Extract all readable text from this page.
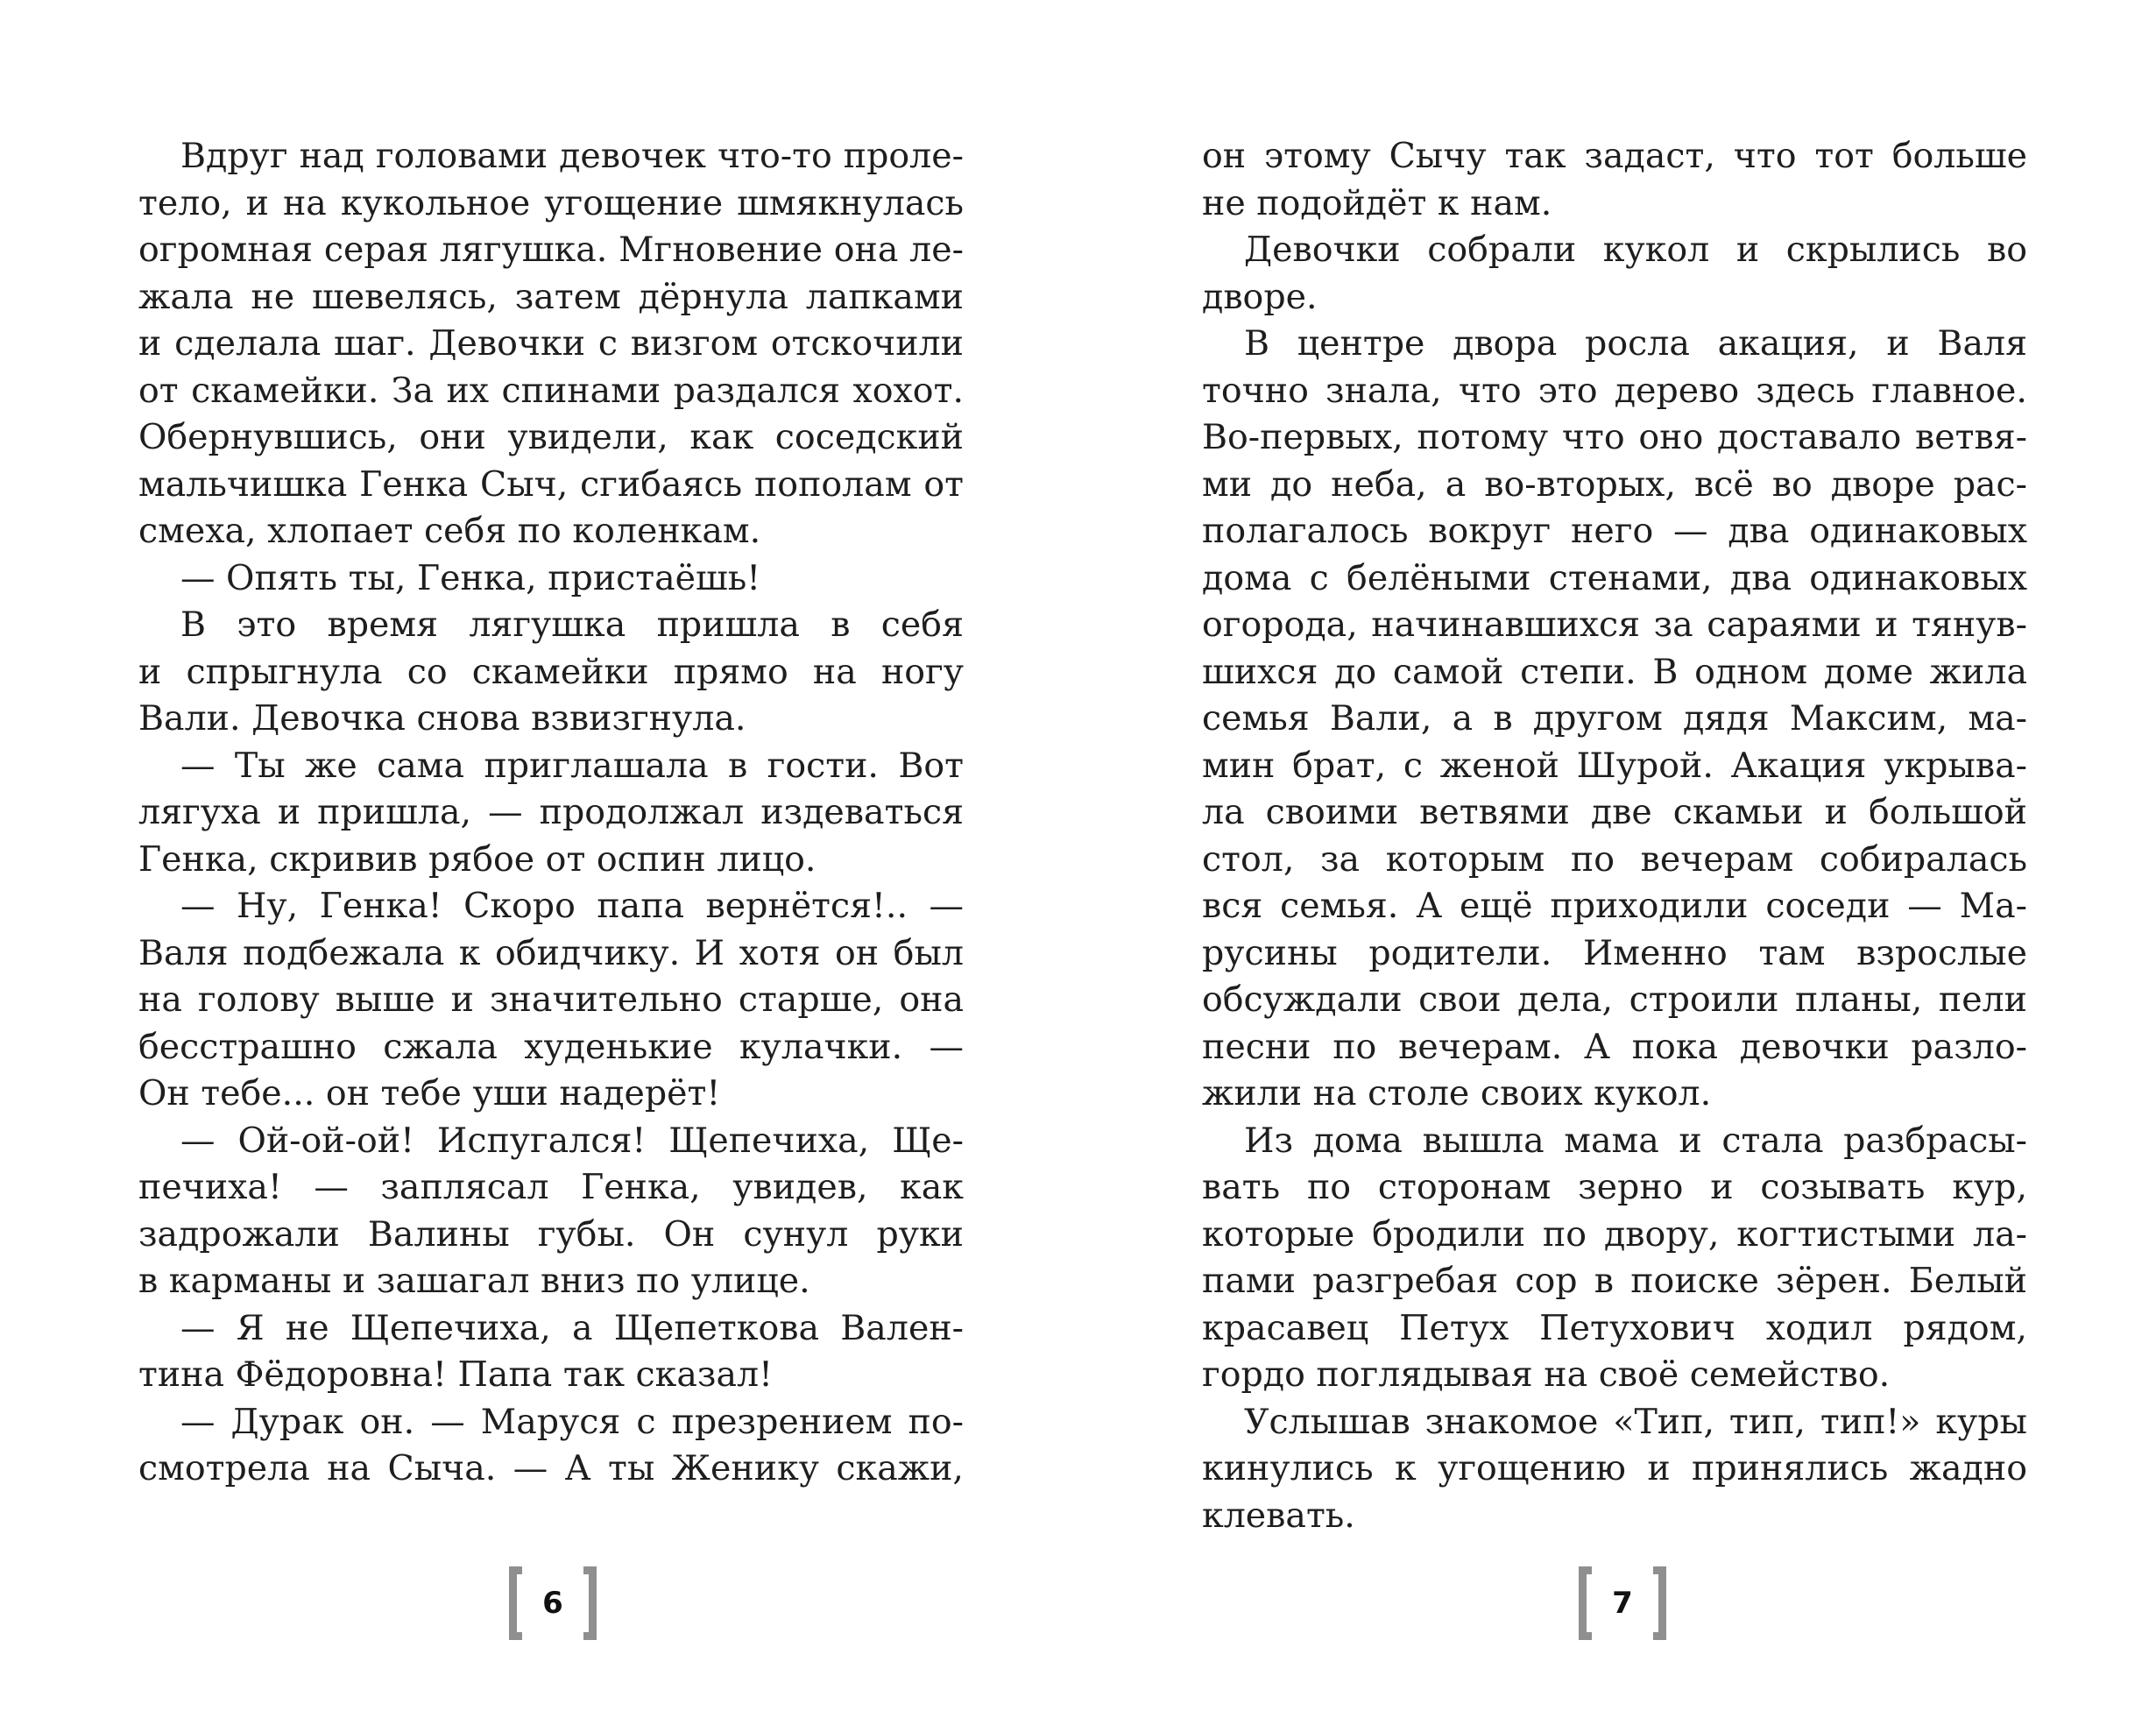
Вдруг над головами девочек что-то проле-
тело, и на кукольное угощение шмякнулась
огромная серая лягушка. Мгновение она ле-
жала не шевелясь, затем дёрнула лапками
и сделала шаг. Девочки с визгом отскочили
от скамейки. За их спинами раздался хохот.
Обернувшись, они увидели, как соседский
мальчишка Генка Сыч, сгибаясь пополам от
смеха, хлопает себя по коленкам.
— Опять ты, Генка, пристаёшь!
В это время лягушка пришла в себя
и спрыгнула со скамейки прямо на ногу
Вали. Девочка снова взвизгнула.
— Ты же сама приглашала в гости. Вот
лягуха и пришла, — продолжал издеваться
Генка, скривив рябое от оспин лицо.
— Ну, Генка! Скоро папа вернётся!.. —
Валя подбежала к обидчику. И хотя он был
на голову выше и значительно старше, она
бесстрашно сжала худенькие кулачки. —
Он тебе... он тебе уши надерёт!
— Ой-ой-ой! Испугался! Щепечиха, Ще-
печиха! — заплясал Генка, увидев, как
задрожали Валины губы. Он сунул руки
в карманы и зашагал вниз по улице.
— Я не Щепечиха, а Щепеткова Вален-
тина Фёдоровна! Папа так сказал!
— Дурак он. — Маруся с презрением по-
смотрела на Сыча. — А ты Женику скажи,
он этому Сычу так задаст, что тот больше
не подойдёт к нам.
Девочки собрали кукол и скрылись во
дворе.
В центре двора росла акация, и Валя
точно знала, что это дерево здесь главное.
Во-первых, потому что оно доставало ветвя-
ми до неба, а во-вторых, всё во дворе рас-
полагалось вокруг него — два одинаковых
дома с белёными стенами, два одинаковых
огорода, начинавшихся за сараями и тянув-
шихся до самой степи. В одном доме жила
семья Вали, а в другом дядя Максим, ма-
мин брат, с женой Шурой. Акация укрыва-
ла своими ветвями две скамьи и большой
стол, за которым по вечерам собиралась
вся семья. А ещё приходили соседи — Ма-
русины родители. Именно там взрослые
обсуждали свои дела, строили планы, пели
песни по вечерам. А пока девочки разло-
жили на столе своих кукол.
Из дома вышла мама и стала разбрасы-
вать по сторонам зерно и созывать кур,
которые бродили по двору, когтистыми ла-
пами разгребая сор в поиске зёрен. Белый
красавец Петух Петухович ходил рядом,
гордо поглядывая на своё семейство.
Услышав знакомое «Тип, тип, тип!» куры
кинулись к угощению и принялись жадно
клевать.
6	7
